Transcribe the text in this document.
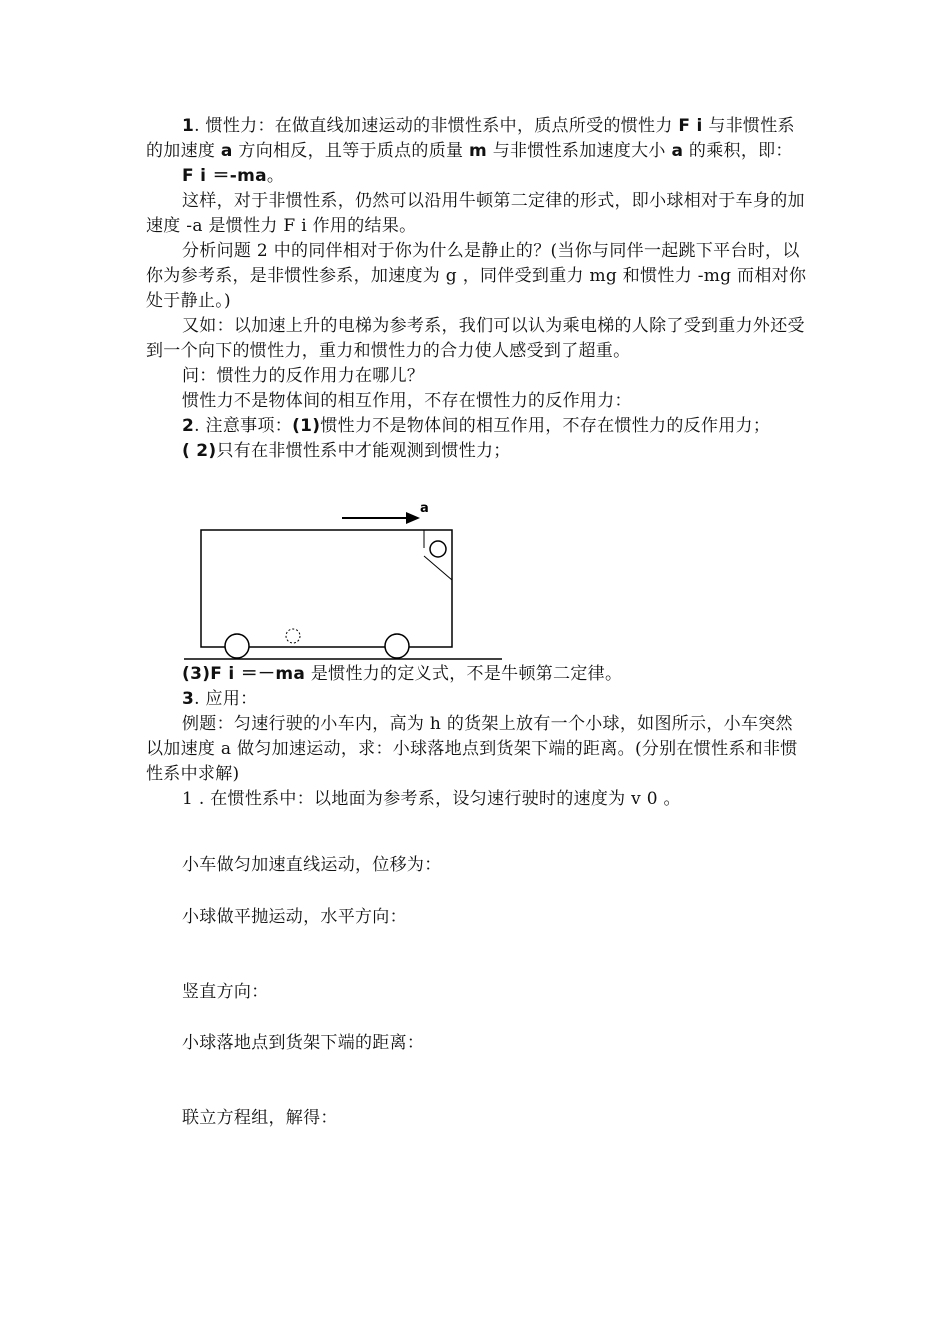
1. 惯性力：在做直线加速运动的非惯性系中，质点所受的惯性力 F i 与非惯性系的加速度 a 方向相反，且等于质点的质量 m 与非惯性系加速度大小 a 的乘积，即：

F i ＝-ma。

这样，对于非惯性系，仍然可以沿用牛顿第二定律的形式，即小球相对于车身的加速度 -a 是惯性力 F i 作用的结果。

分析问题 2 中的同伴相对于你为什么是静止的？(当你与同伴一起跳下平台时，以你为参考系，是非惯性参系，加速度为 g ，同伴受到重力 mg 和惯性力 -mg 而相对你处于静止。)

又如：以加速上升的电梯为参考系，我们可以认为乘电梯的人除了受到重力外还受到一个向下的惯性力，重力和惯性力的合力使人感受到了超重。

问：惯性力的反作用力在哪儿？

惯性力不是物体间的相互作用，不存在惯性力的反作用力：

2. 注意事项：(1)惯性力不是物体间的相互作用，不存在惯性力的反作用力；

( 2)只有在非惯性系中才能观测到惯性力；

a

(3)F i ＝－ma 是惯性力的定义式，不是牛顿第二定律。

3. 应用：

例题：匀速行驶的小车内，高为 h 的货架上放有一个小球，如图所示，小车突然以加速度 a 做匀加速运动，求：小球落地点到货架下端的距离。(分别在惯性系和非惯性系中求解)

1 . 在惯性系中：以地面为参考系，设匀速行驶时的速度为 v 0 。

小车做匀加速直线运动，位移为：
小球做平抛运动，水平方向：
竖直方向：
小球落地点到货架下端的距离：
联立方程组，解得：
